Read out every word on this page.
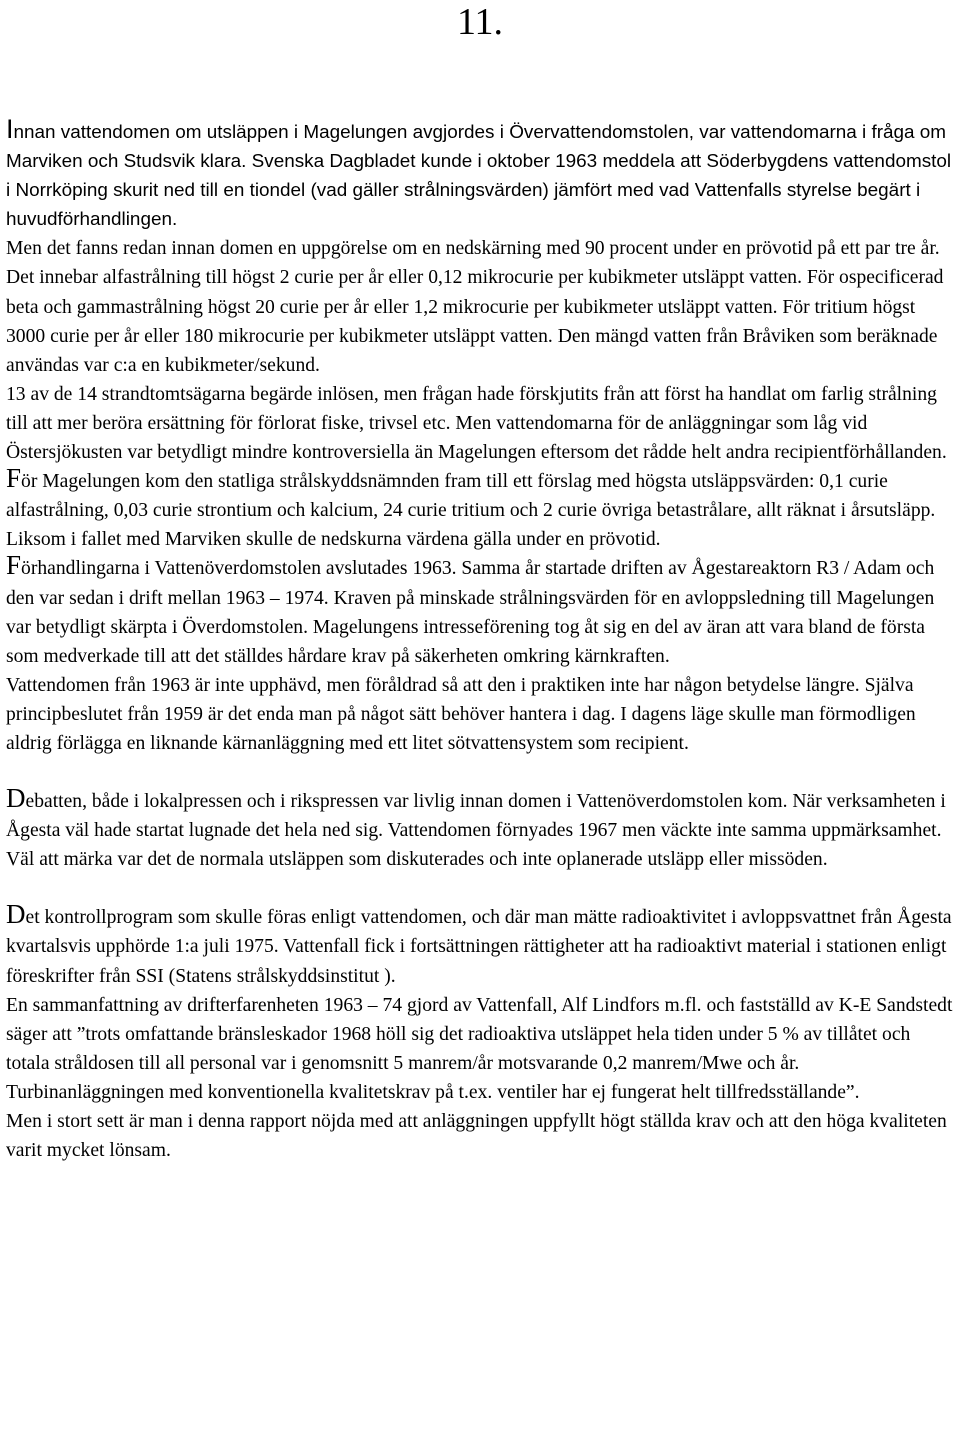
11.

Innan vattendomen om utsläppen i Magelungen avgjordes i Övervattendomstolen, var vattendomarna i fråga om Marviken och Studsvik klara. Svenska Dagbladet kunde i oktober 1963 meddela att Söderbygdens vattendomstol i Norrköping skurit ned till en tiondel (vad gäller strålningsvärden) jämfört med vad Vattenfalls styrelse begärt i huvudförhandlingen.

Men det fanns redan innan domen en uppgörelse om en nedskärning med 90 procent under en prövotid på ett par tre år. Det innebar alfastrålning till högst 2 curie per år eller 0,12 mikrocurie per kubikmeter utsläppt vatten. För ospecificerad beta och gammastrålning högst 20 curie per år eller 1,2 mikrocurie per kubikmeter utsläppt vatten. För tritium högst 3000 curie per år eller 180 mikrocurie per kubikmeter utsläppt vatten. Den mängd vatten från Bråviken som beräknade användas var c:a en kubikmeter/sekund.

13 av de 14 strandtomtsägarna begärde inlösen, men frågan hade förskjutits från att först ha handlat om farlig strålning till att mer beröra ersättning för förlorat fiske, trivsel etc. Men vattendomarna för de anläggningar som låg vid Östersjökusten var betydligt mindre kontroversiella än Magelungen eftersom det rådde helt andra recipientförhållanden.

För Magelungen kom den statliga strålskyddsnämnden fram till ett förslag med högsta utsläppsvärden: 0,1 curie alfastrålning, 0,03 curie strontium och kalcium, 24 curie tritium och 2 curie övriga betastrålare, allt räknat i årsutsläpp. Liksom i fallet med Marviken skulle de nedskurna värdena gälla under en prövotid.

Förhandlingarna i Vattenöverdomstolen avslutades 1963. Samma år startade driften av Ågestareaktorn R3 / Adam och den var sedan i drift mellan 1963 – 1974. Kraven på minskade strålningsvärden för en avloppsledning till Magelungen var betydligt skärpta i Överdomstolen. Magelungens intresseförening tog åt sig en del av äran att vara bland de första som medverkade till att det ställdes hårdare krav på säkerheten omkring kärnkraften.

Vattendomen från 1963 är inte upphävd, men föråldrad så att den i praktiken inte har någon betydelse längre. Själva principbeslutet från 1959 är det enda man på något sätt behöver hantera i dag. I dagens läge skulle man förmodligen aldrig förlägga en liknande kärnanläggning med ett litet sötvattensystem som recipient.

Debatten, både i lokalpressen och i rikspressen var livlig innan domen i Vattenöverdomstolen kom. När verksamheten i Ågesta väl hade startat lugnade det hela ned sig. Vattendomen förnyades 1967 men väckte inte samma uppmärksamhet. Väl att märka var det de normala utsläppen som diskuterades och inte oplanerade utsläpp eller missöden.

Det kontrollprogram som skulle föras enligt vattendomen, och där man mätte radioaktivitet i avloppsvattnet från Ågesta kvartalsvis upphörde 1:a juli 1975. Vattenfall fick i fortsättningen rättigheter att ha radioaktivt material i stationen enligt föreskrifter från SSI (Statens strålskyddsinstitut ).

En sammanfattning av drifterfarenheten 1963 – 74 gjord av Vattenfall, Alf Lindfors m.fl. och fastställd av K-E Sandstedt säger att ”trots omfattande bränsleskador 1968 höll sig det radioaktiva utsläppet hela tiden under 5 % av tillåtet och totala stråldosen till all personal var i genomsnitt 5 manrem/år motsvarande 0,2 manrem/Mwe och år. Turbinanläggningen med konventionella kvalitetskrav på t.ex. ventiler har ej fungerat helt tillfredsställande”.

Men i stort sett är man i denna rapport nöjda med att anläggningen uppfyllt högt ställda krav och att den höga kvaliteten varit mycket lönsam.
